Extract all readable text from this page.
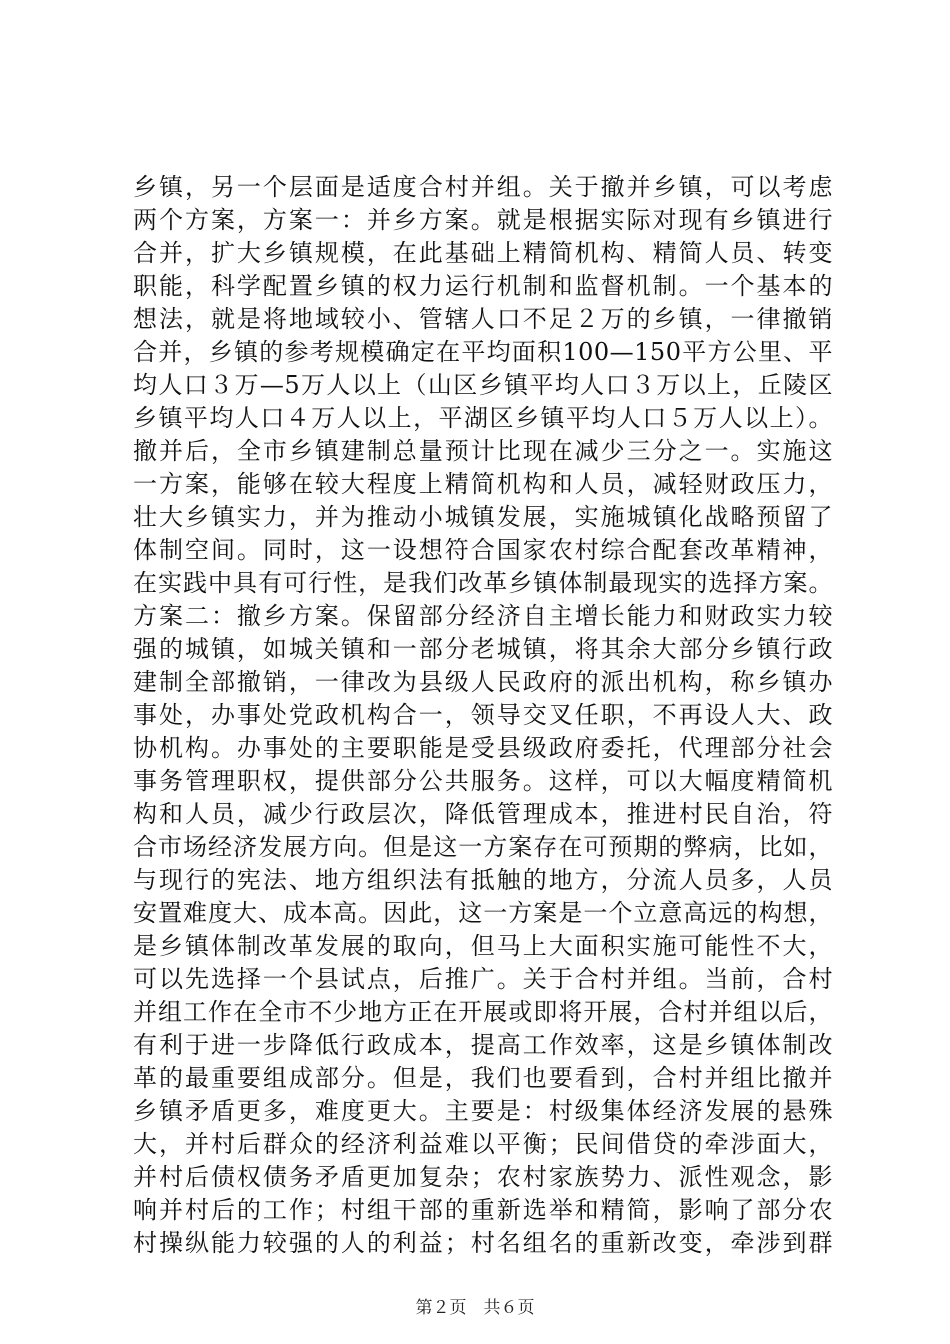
乡镇，另一个层面是适度合村并组。关于撤并乡镇，可以考虑
两个方案，方案一：并乡方案。就是根据实际对现有乡镇进行
合并，扩大乡镇规模，在此基础上精简机构、精简人员、转变
职能，科学配置乡镇的权力运行机制和监督机制。一个基本的
想法，就是将地域较小、管辖人口不足２万的乡镇，一律撤销
合并，乡镇的参考规模确定在平均面积100—150平方公里、平
均人口３万—5万人以上（山区乡镇平均人口３万以上，丘陵区
乡镇平均人口４万人以上，平湖区乡镇平均人口５万人以上）。
撤并后，全市乡镇建制总量预计比现在减少三分之一。实施这
一方案，能够在较大程度上精简机构和人员，减轻财政压力，
壮大乡镇实力，并为推动小城镇发展，实施城镇化战略预留了
体制空间。同时，这一设想符合国家农村综合配套改革精神，
在实践中具有可行性，是我们改革乡镇体制最现实的选择方案。
方案二：撤乡方案。保留部分经济自主增长能力和财政实力较
强的城镇，如城关镇和一部分老城镇，将其余大部分乡镇行政
建制全部撤销，一律改为县级人民政府的派出机构，称乡镇办
事处，办事处党政机构合一，领导交叉任职，不再设人大、政
协机构。办事处的主要职能是受县级政府委托，代理部分社会
事务管理职权，提供部分公共服务。这样，可以大幅度精简机
构和人员，减少行政层次，降低管理成本，推进村民自治，符
合市场经济发展方向。但是这一方案存在可预期的弊病，比如，
与现行的宪法、地方组织法有抵触的地方，分流人员多，人员
安置难度大、成本高。因此，这一方案是一个立意高远的构想，
是乡镇体制改革发展的取向，但马上大面积实施可能性不大，
可以先选择一个县试点，后推广。关于合村并组。当前，合村
并组工作在全市不少地方正在开展或即将开展，合村并组以后，
有利于进一步降低行政成本，提高工作效率，这是乡镇体制改
革的最重要组成部分。但是，我们也要看到，合村并组比撤并
乡镇矛盾更多，难度更大。主要是：村级集体经济发展的悬殊
大，并村后群众的经济利益难以平衡；民间借贷的牵涉面大，
并村后债权债务矛盾更加复杂；农村家族势力、派性观念，影
响并村后的工作；村组干部的重新选举和精简，影响了部分农
村操纵能力较强的人的利益；村名组名的重新改变，牵涉到群
第２页　共６页
